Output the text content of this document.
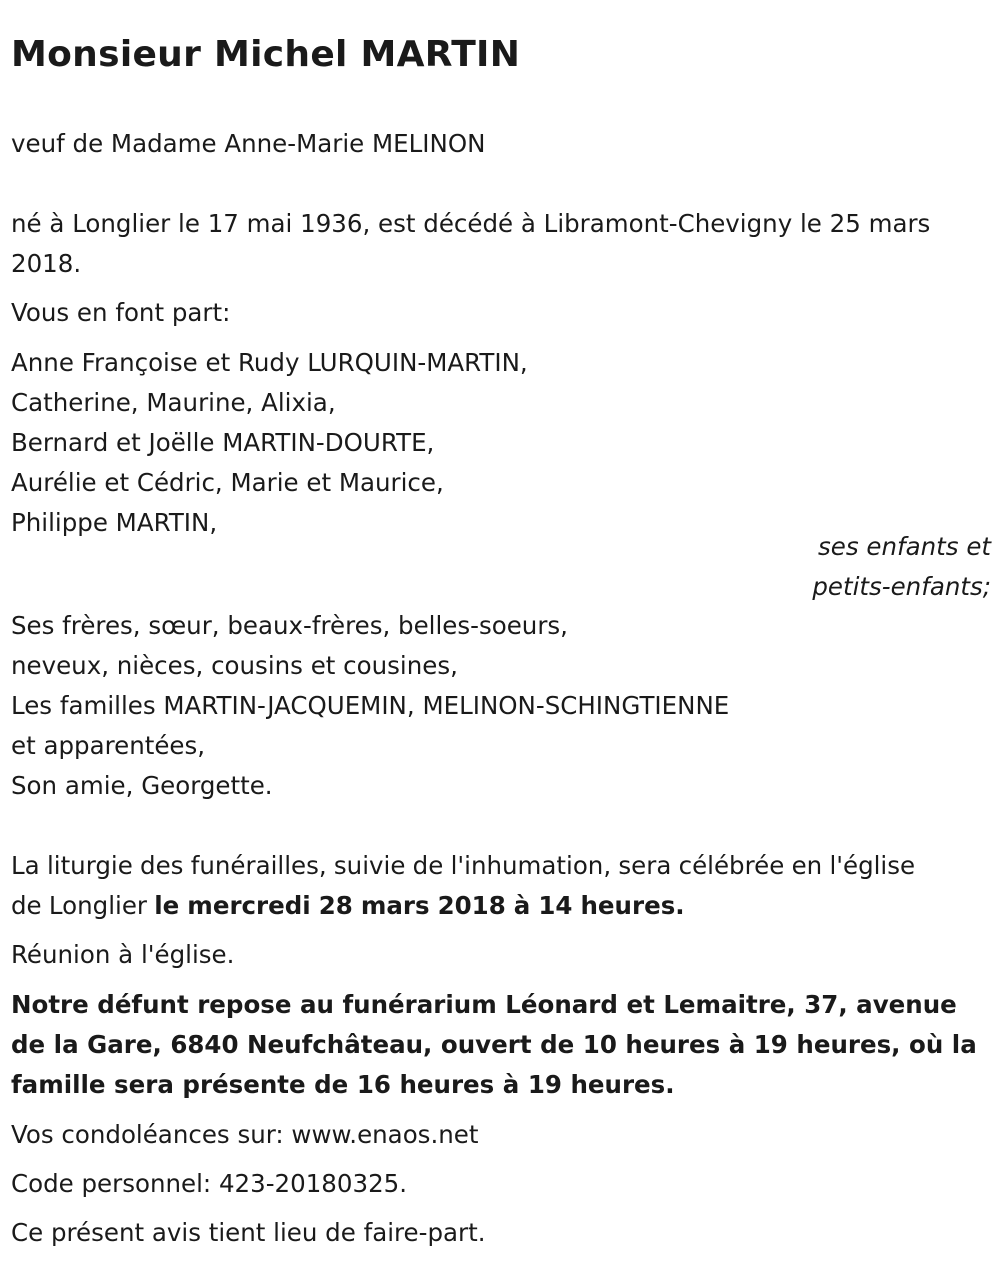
Monsieur Michel MARTIN

veuf de Madame Anne-Marie MELINON

né à Longlier le 17 mai 1936, est décédé à Libramont-Chevigny le 25 mars
2018.

Vous en font part:

Anne Françoise et Rudy LURQUIN-MARTIN,
Catherine, Maurine, Alixia,
Bernard et Joëlle MARTIN-DOURTE,
Aurélie et Cédric, Marie et Maurice,
Philippe MARTIN,
ses enfants et
petits-enfants;
Ses frères, sœur, beaux-frères, belles-soeurs,
neveux, nièces, cousins et cousines,
Les familles MARTIN-JACQUEMIN, MELINON-SCHINGTIENNE
et apparentées,
Son amie, Georgette.

La liturgie des funérailles, suivie de l'inhumation, sera célébrée en l'église
de Longlier le mercredi 28 mars 2018 à 14 heures.

Réunion à l'église.

Notre défunt repose au funérarium Léonard et Lemaitre, 37, avenue
de la Gare, 6840 Neufchâteau, ouvert de 10 heures à 19 heures, où la
famille sera présente de 16 heures à 19 heures.

Vos condoléances sur: www.enaos.net

Code personnel: 423-20180325.

Ce présent avis tient lieu de faire-part.
